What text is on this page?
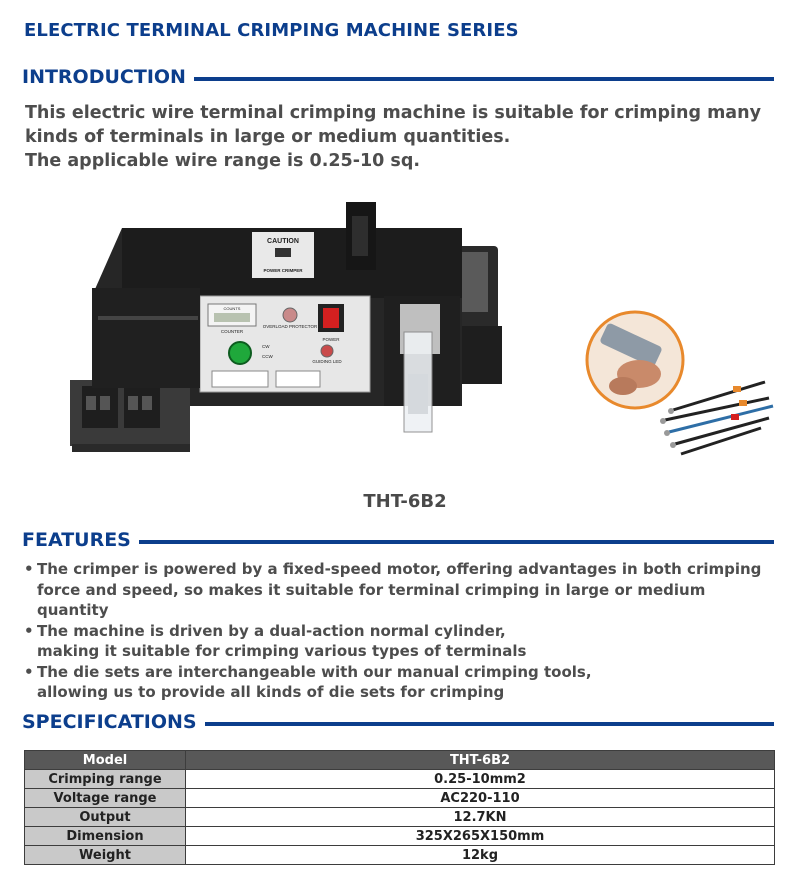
ELECTRIC TERMINAL CRIMPING MACHINE SERIES
INTRODUCTION

This electric wire terminal crimping machine is suitable for crimping many

kinds of terminals in large or medium quantities.

The applicable wire range is 0.25-10 sq.

CAUTION
POWER CRIMPER
COUNTS
COUNTER
OVERLOAD PROTECTOR
POWER
CW
CCW
GUIDING LED
THT-6B2
FEATURES
• The crimper is powered by a fixed-speed motor, offering advantages in both crimping
force and speed, so makes it suitable for terminal crimping in large or medium quantity
• The machine is driven by a dual-action normal cylinder,
making it suitable for crimping various types of terminals
• The die sets are interchangeable with our manual crimping tools,
allowing us to provide all kinds of die sets for crimping
SPECIFICATIONS
Model	THT-6B2
Crimping range	0.25-10mm2
Voltage range	AC220-110
Output	12.7KN
Dimension	325X265X150mm
Weight	12kg
